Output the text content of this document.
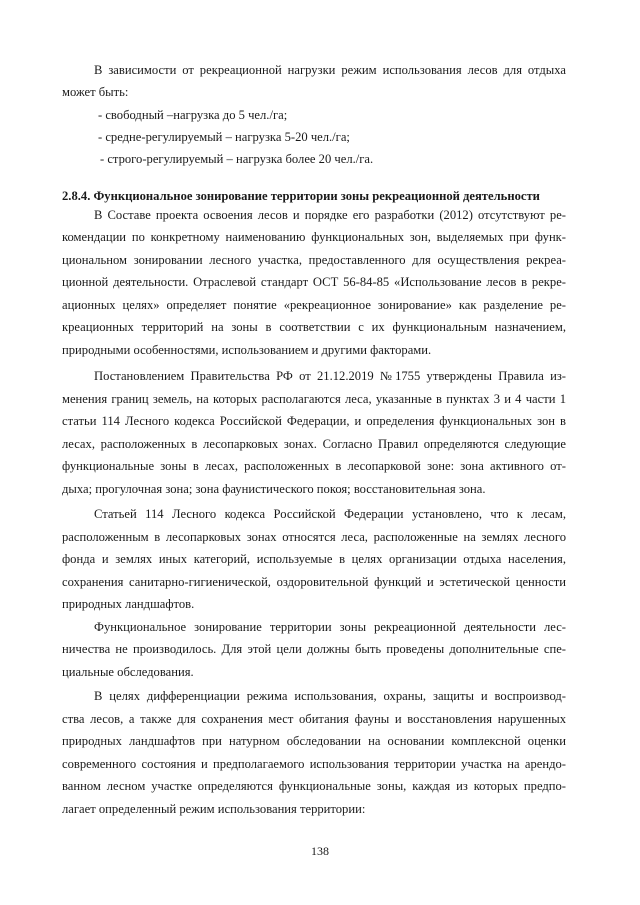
В зависимости от рекреационной нагрузки режим использования лесов для отдыха
может быть:
- свободный –нагрузка до 5 чел./га;
- средне-регулируемый – нагрузка 5-20 чел./га;
- строго-регулируемый – нагрузка более 20 чел./га.
2.8.4. Функциональное зонирование территории зоны рекреационной деятельности
В Составе проекта освоения лесов и порядке его разработки (2012) отсутствуют ре-
комендации по конкретному наименованию функциональных зон, выделяемых при функ-
циональном зонировании лесного участка, предоставленного для осуществления рекреа-
ционной деятельности. Отраслевой стандарт ОСТ 56-84-85 «Использование лесов в рекре-
ационных целях» определяет понятие «рекреационное зонирование» как разделение ре-
креационных территорий на зоны в соответствии с их функциональным назначением,
природными особенностями, использованием и другими факторами.
Постановлением Правительства РФ от 21.12.2019 №1755 утверждены Правила из-
менения границ земель, на которых располагаются леса, указанные в пунктах 3 и 4 части 1
статьи 114 Лесного кодекса Российской Федерации, и определения функциональных зон в
лесах, расположенных в лесопарковых зонах. Согласно Правил определяются следующие
функциональные зоны в лесах, расположенных в лесопарковой зоне: зона активного от-
дыха; прогулочная зона; зона фаунистического покоя; восстановительная зона.
Статьей 114 Лесного кодекса Российской Федерации установлено, что к лесам,
расположенным в лесопарковых зонах относятся леса, расположенные на землях лесного
фонда и землях иных категорий, используемые в целях организации отдыха населения,
сохранения санитарно-гигиенической, оздоровительной функций и эстетической ценности
природных ландшафтов.
Функциональное зонирование территории зоны рекреационной деятельности лес-
ничества не производилось. Для этой цели должны быть проведены дополнительные спе-
циальные обследования.
В целях дифференциации режима использования, охраны, защиты и воспроизвод-
ства лесов, а также для сохранения мест обитания фауны и восстановления нарушенных
природных ландшафтов при натурном обследовании на основании комплексной оценки
современного состояния и предполагаемого использования территории участка на арендо-
ванном лесном участке определяются функциональные зоны, каждая из которых предпо-
лагает определенный режим использования территории:
138
